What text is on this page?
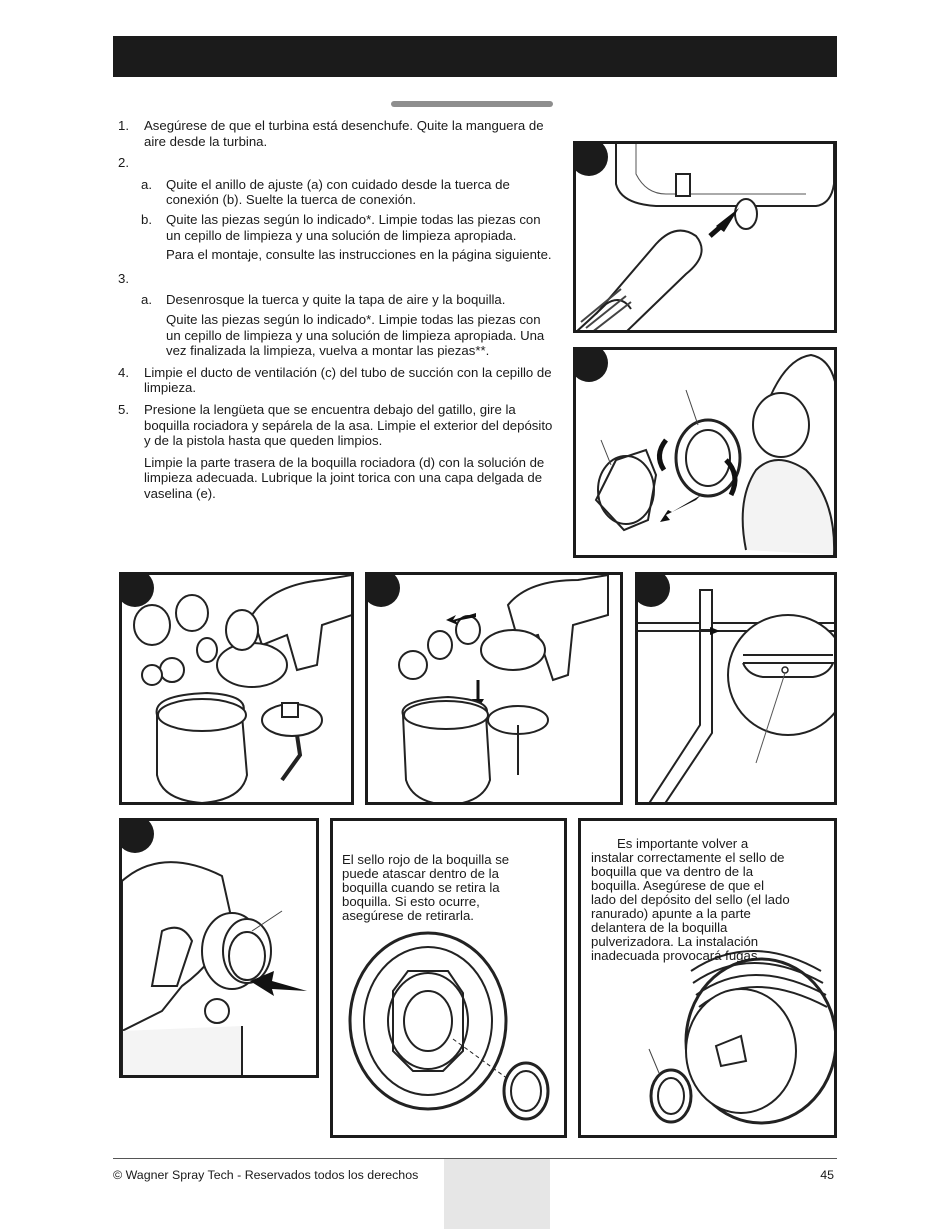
1. Asegúrese de que el turbina está desenchufe. Quite la manguera de aire desde la turbina.
2.

a. Quite el anillo de ajuste (a) con cuidado desde la tuerca de conexión (b). Suelte la tuerca de conexión.
b. Quite las piezas según lo indicado*. Limpie todas las piezas con un cepillo de limpieza y una solución de limpieza apropiada.
Para el montaje, consulte las instrucciones en la página siguiente.
3.

a. Desenrosque la tuerca y quite la tapa de aire y la boquilla.
Quite las piezas según lo indicado*. Limpie todas las piezas con un cepillo de limpieza y una solución de limpieza apropiada. Una vez finalizada la limpieza, vuelva a montar las piezas**.
4. Limpie el ducto de ventilación (c) del tubo de succión con la cepillo de limpieza.
5. Presione la lengüeta que se encuentra debajo del gatillo, gire la boquilla rociadora y sepárela de la asa. Limpie el exterior del depósito y de la pistola hasta que queden limpios.
Limpie la parte trasera de la boquilla rociadora (d) con la solución de limpieza adecuada. Lubrique la joint torica con una capa delgada de vaselina (e).
El sello rojo de la boquilla se puede atascar dentro de la boquilla cuando se retira la boquilla. Si esto ocurre, asegúrese de retirarla.
Es importante volver a instalar correctamente el sello de boquilla que va dentro de la boquilla. Asegúrese de que el lado del depósito del sello (el lado ranurado) apunte a la parte delantera de la boquilla pulverizadora. La instalación inadecuada provocará fugas.
© Wagner Spray Tech - Reservados todos los derechos	45
